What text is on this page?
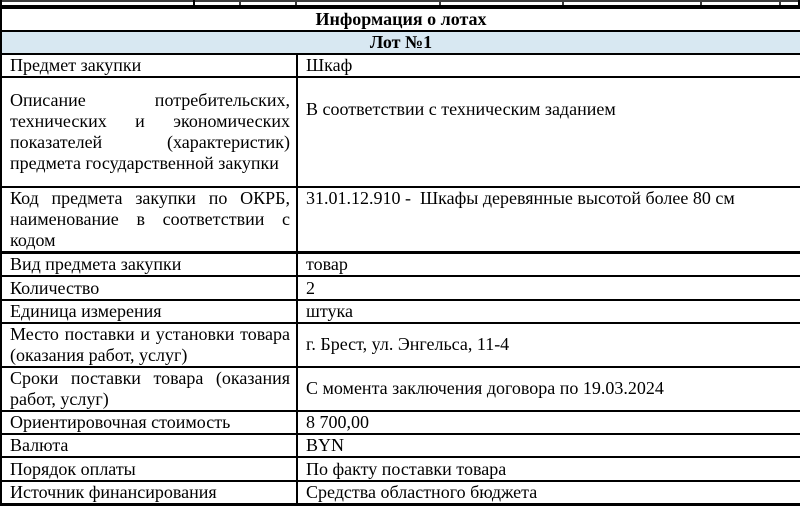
Информация о лотах	
Лот №1	
Предмет закупки	Шкаф
Описание потребительских, технических и экономических показателей (характеристик) предмета государственной закупки	В соответствии с техническим заданием
Код предмета закупки по ОКРБ, наименование в соответствии с кодом	31.01.12.910 -  Шкафы деревянные высотой более 80 см
Вид предмета закупки	товар
Количество	2
Единица измерения	штука
Место поставки и установки товара (оказания работ, услуг)	г. Брест, ул. Энгельса, 11-4
Сроки поставки товара (оказания работ, услуг)	С момента заключения договора по 19.03.2024
Ориентировочная стоимость	8 700,00
Валюта	BYN
Порядок оплаты	По факту поставки товара
Источник финансирования	Средства областного бюджета
